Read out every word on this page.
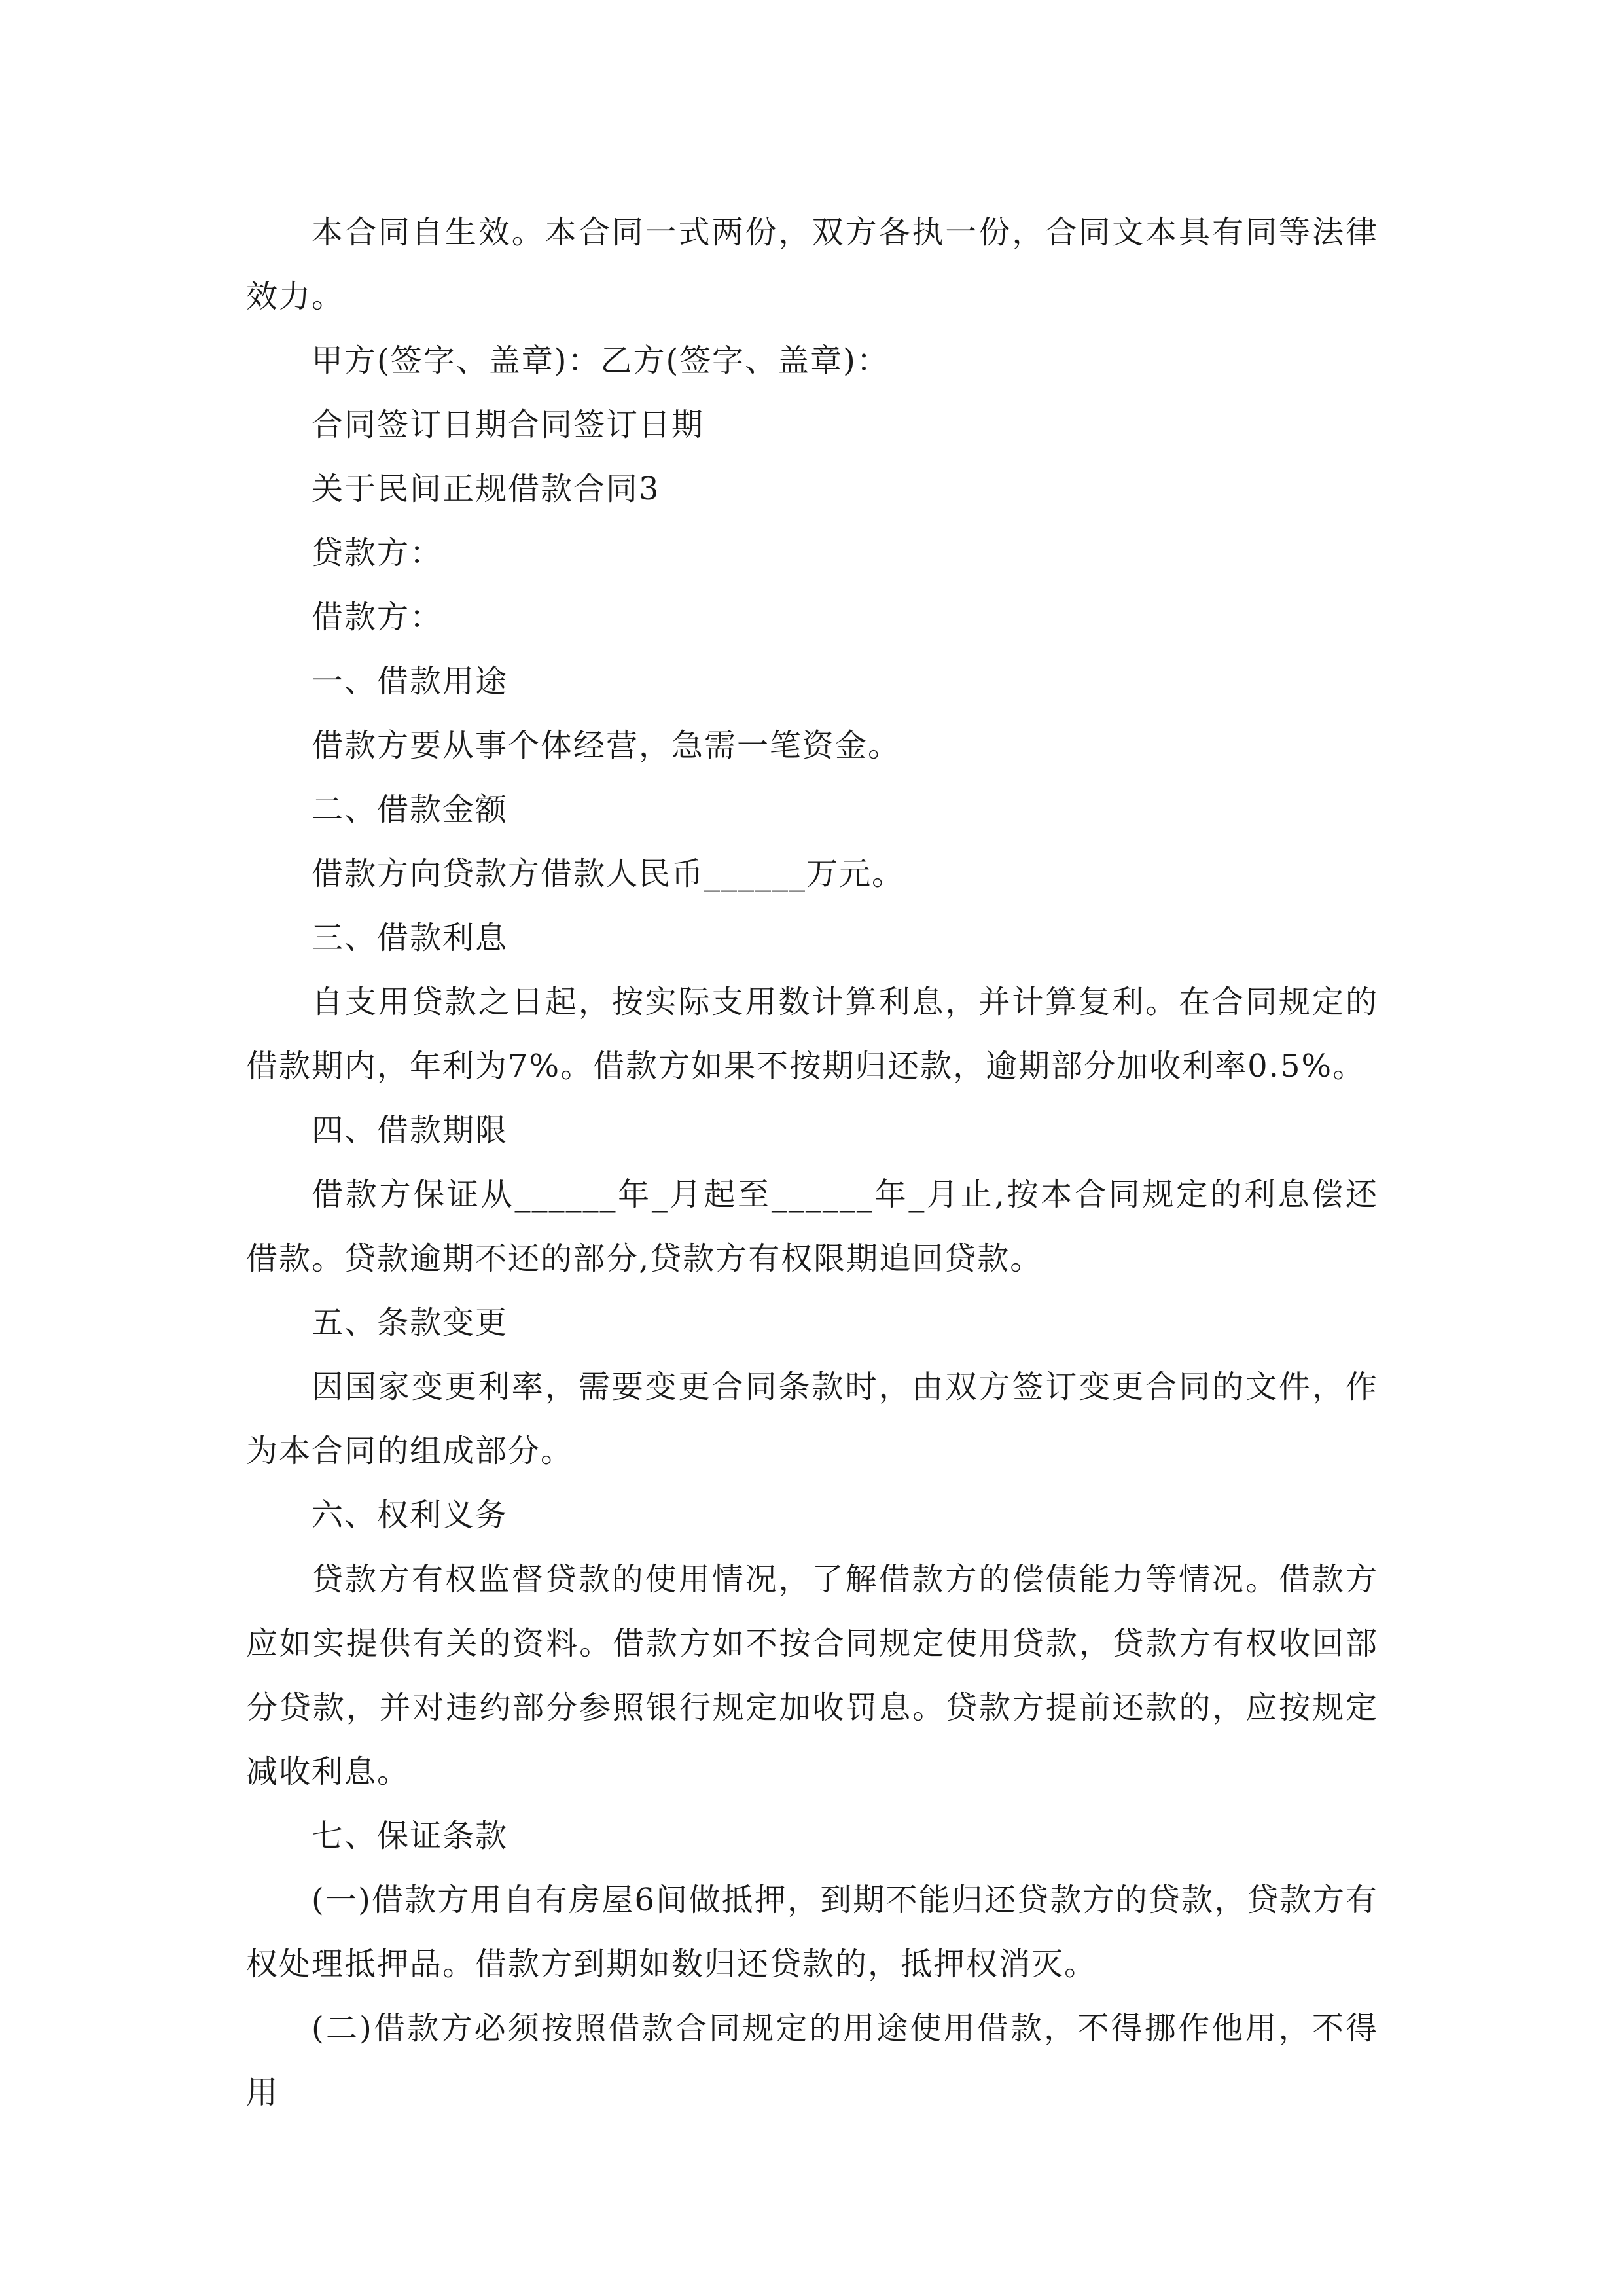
本合同自生效。本合同一式两份，双方各执一份，合同文本具有同等法律效力。

甲方(签字、盖章)：乙方(签字、盖章)：

合同签订日期合同签订日期

关于民间正规借款合同3

贷款方：

借款方：

一、借款用途

借款方要从事个体经营，急需一笔资金。

二、借款金额

借款方向贷款方借款人民币______万元。

三、借款利息

自支用贷款之日起，按实际支用数计算利息，并计算复利。在合同规定的借款期内，年利为7%。借款方如果不按期归还款，逾期部分加收利率0.5%。

四、借款期限

借款方保证从______年_月起至______年_月止,按本合同规定的利息偿还借款。贷款逾期不还的部分,贷款方有权限期追回贷款。

五、条款变更

因国家变更利率，需要变更合同条款时，由双方签订变更合同的文件，作为本合同的组成部分。

六、权利义务

贷款方有权监督贷款的使用情况，了解借款方的偿债能力等情况。借款方应如实提供有关的资料。借款方如不按合同规定使用贷款，贷款方有权收回部分贷款，并对违约部分参照银行规定加收罚息。贷款方提前还款的，应按规定减收利息。

七、保证条款

(一)借款方用自有房屋6间做抵押，到期不能归还贷款方的贷款，贷款方有权处理抵押品。借款方到期如数归还贷款的，抵押权消灭。

(二)借款方必须按照借款合同规定的用途使用借款，不得挪作他用，不得用
